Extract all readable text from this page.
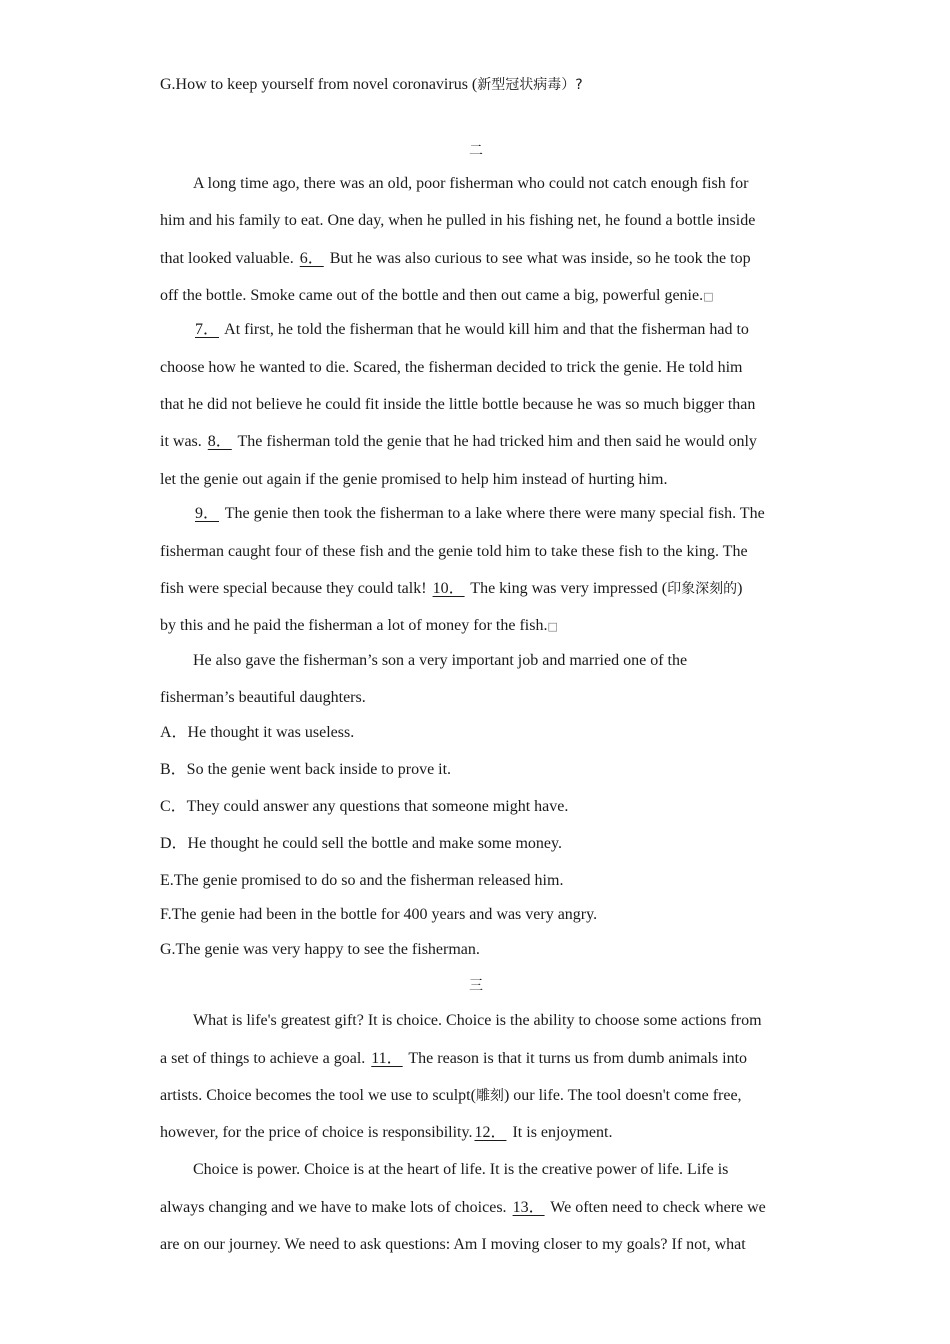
G.How to keep yourself from novel coronavirus (新型冠状病毒）?
二
A long time ago, there was an old, poor fisherman who could not catch enough fish for
him and his family to eat. One day, when he pulled in his fishing net, he found a bottle inside
that looked valuable. 6． But he was also curious to see what was inside, so he took the top
off the bottle. Smoke came out of the bottle and then out came a big, powerful genie.□
7． At first, he told the fisherman that he would kill him and that the fisherman had to
choose how he wanted to die. Scared, the fisherman decided to trick the genie. He told him
that he did not believe he could fit inside the little bottle because he was so much bigger than
it was. 8． The fisherman told the genie that he had tricked him and then said he would only
let the genie out again if the genie promised to help him instead of hurting him.
9． The genie then took the fisherman to a lake where there were many special fish. The
fisherman caught four of these fish and the genie told him to take these fish to the king. The
fish were special because they could talk! 10． The king was very impressed (印象深刻的)
by this and he paid the fisherman a lot of money for the fish.□
He also gave the fisherman’s son a very important job and married one of the
fisherman’s beautiful daughters.
A．He thought it was useless.
B．So the genie went back inside to prove it.
C．They could answer any questions that someone might have.
D．He thought he could sell the bottle and make some money.
E.The genie promised to do so and the fisherman released him.
F.The genie had been in the bottle for 400 years and was very angry.
G.The genie was very happy to see the fisherman.
三
What is life's greatest gift? It is choice. Choice is the ability to choose some actions from
a set of things to achieve a goal. 11． The reason is that it turns us from dumb animals into
artists. Choice becomes the tool we use to sculpt(雕刻) our life. The tool doesn't come free,
however, for the price of choice is responsibility. 12． It is enjoyment.
Choice is power. Choice is at the heart of life. It is the creative power of life. Life is
always changing and we have to make lots of choices. 13． We often need to check where we
are on our journey. We need to ask questions: Am I moving closer to my goals? If not, what
